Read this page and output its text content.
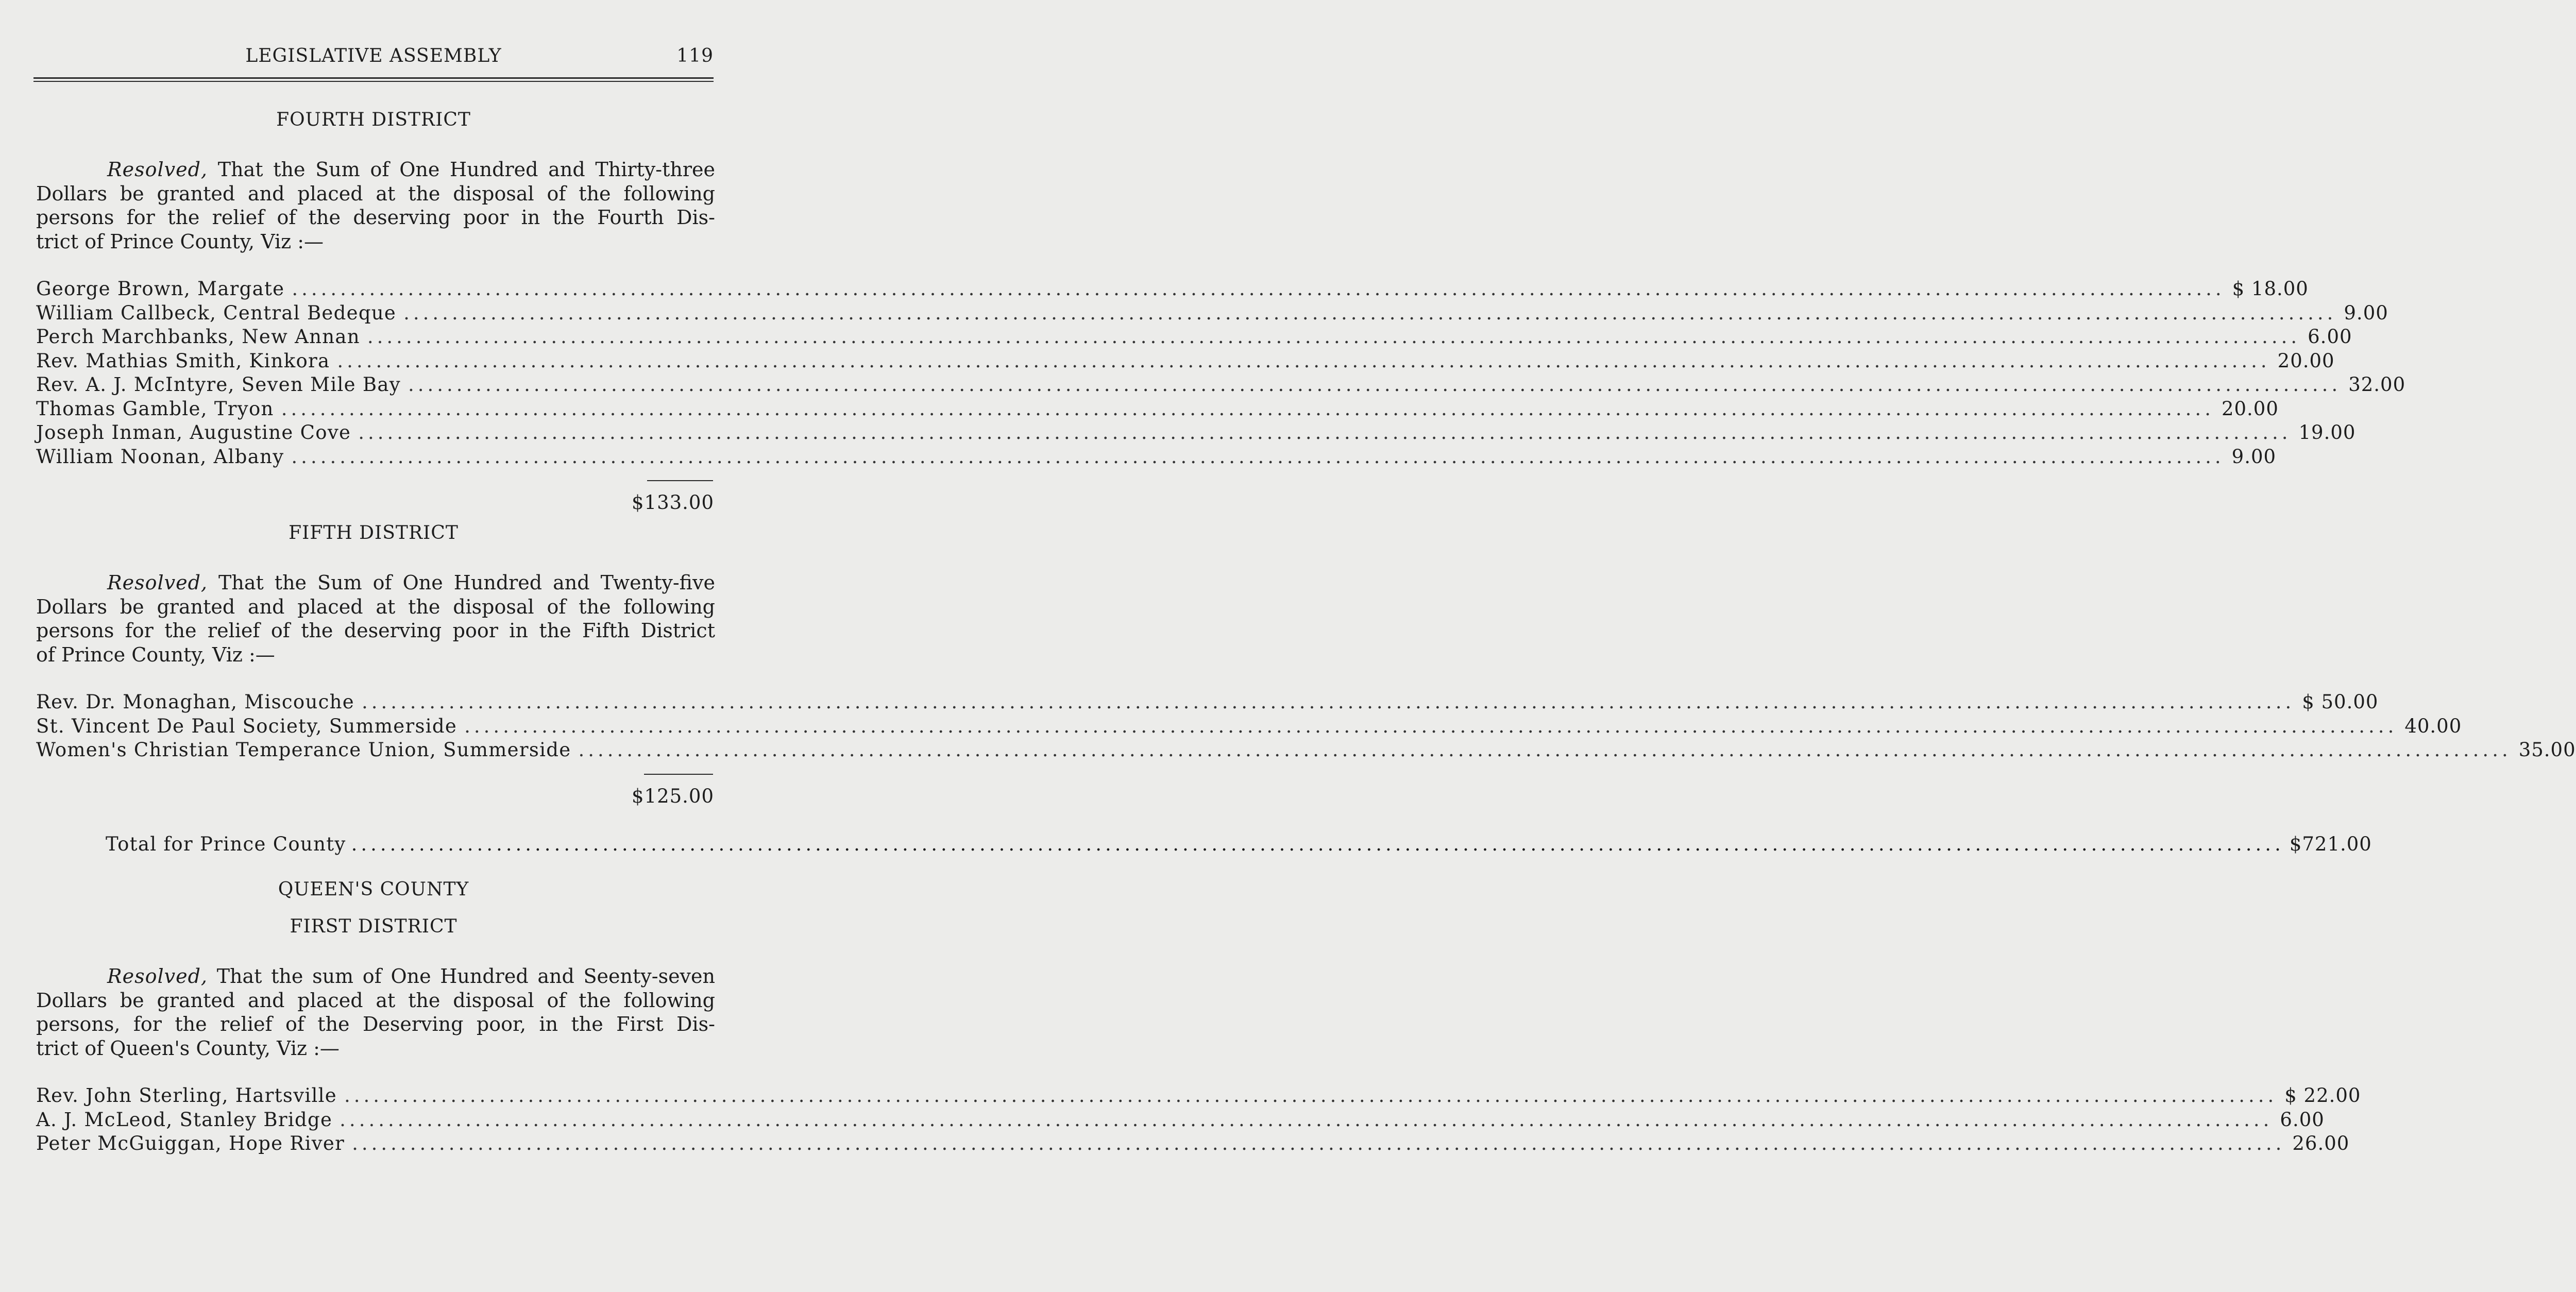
LEGISLATIVE ASSEMBLY	119
FOURTH DISTRICT
Resolved, That the Sum of One Hundred and Thirty-three
Dollars be granted and placed at the disposal of the following
persons for the relief of the deserving poor in the Fourth Dis-
trict of Prince County, Viz :—
George Brown, Margate ........................................................................................................................................................................................................ $ 18.00
William Callbeck, Central Bedeque ........................................................................................................................................................................................................ 9.00
Perch Marchbanks, New Annan ........................................................................................................................................................................................................ 6.00
Rev. Mathias Smith, Kinkora ........................................................................................................................................................................................................ 20.00
Rev. A. J. McIntyre, Seven Mile Bay ........................................................................................................................................................................................................ 32.00
Thomas Gamble, Tryon ........................................................................................................................................................................................................ 20.00
Joseph Inman, Augustine Cove ........................................................................................................................................................................................................ 19.00
William Noonan, Albany ........................................................................................................................................................................................................ 9.00
$133.00
FIFTH DISTRICT
Resolved, That the Sum of One Hundred and Twenty-five
Dollars be granted and placed at the disposal of the following
persons for the relief of the deserving poor in the Fifth District
of Prince County, Viz :—
Rev. Dr. Monaghan, Miscouche ........................................................................................................................................................................................................ $ 50.00
St. Vincent De Paul Society, Summerside ........................................................................................................................................................................................................ 40.00
Women's Christian Temperance Union, Summerside ........................................................................................................................................................................................................ 35.00
$125.00
Total for Prince County ........................................................................................................................................................................................................ $721.00
QUEEN'S COUNTY
FIRST DISTRICT
Resolved, That the sum of One Hundred and Seenty-seven
Dollars be granted and placed at the disposal of the following
persons, for the relief of the Deserving poor, in the First Dis-
trict of Queen's County, Viz :—
Rev. John Sterling, Hartsville ........................................................................................................................................................................................................ $ 22.00
A. J. McLeod, Stanley Bridge ........................................................................................................................................................................................................ 6.00
Peter McGuiggan, Hope River ........................................................................................................................................................................................................ 26.00
